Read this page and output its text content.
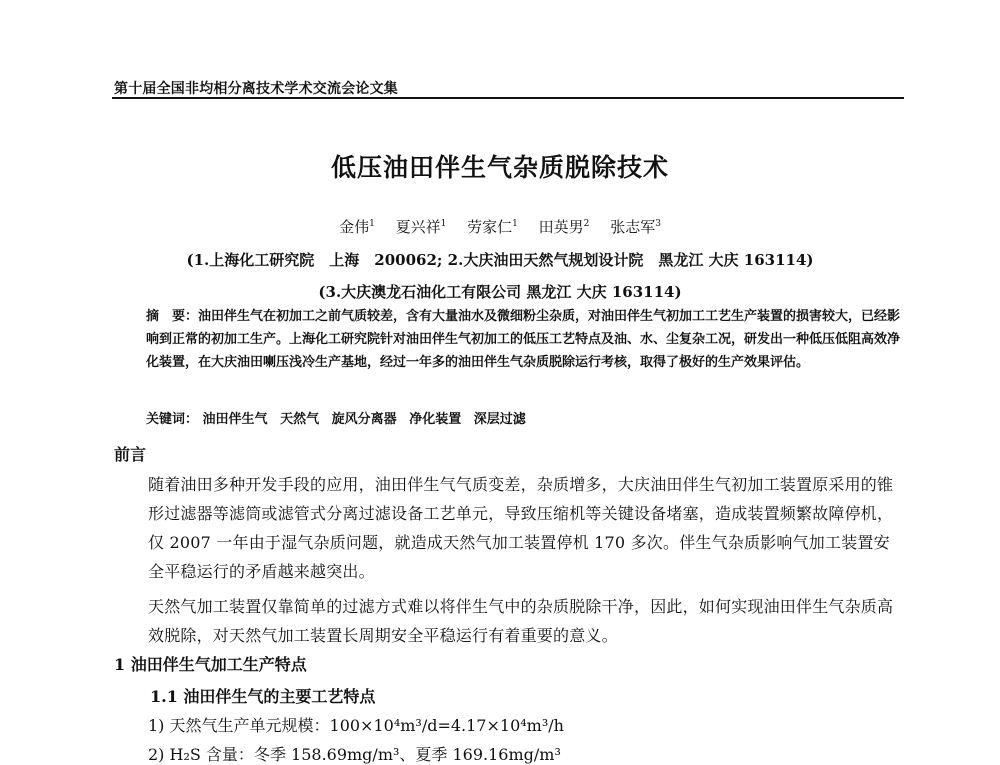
第十届全国非均相分离技术学术交流会论文集
低压油田伴生气杂质脱除技术
金伟$^1$ 夏兴祥$^1$ 劳家仁$^1$ 田英男$^2$ 张志军$^3$
(1.上海化工研究院　上海　200062; 2.大庆油田天然气规划设计院　黑龙江 大庆 163114)
(3.大庆澳龙石油化工有限公司 黑龙江 大庆 163114)
摘　要：油田伴生气在初加工之前气质较差，含有大量油水及微细粉尘杂质，对油田伴生气初加工工艺生产装置的损害较大，已经影响到正常的初加工生产。上海化工研究院针对油田伴生气初加工的低压工艺特点及油、水、尘复杂工况，研发出一种低压低阻高效净化装置，在大庆油田喇压浅冷生产基地，经过一年多的油田伴生气杂质脱除运行考核，取得了极好的生产效果评估。
关键词： 油田伴生气 天然气 旋风分离器 净化装置 深层过滤
前言
随着油田多种开发手段的应用，油田伴生气气质变差，杂质增多，大庆油田伴生气初加工装置原采用的锥形过滤器等滤筒或滤管式分离过滤设备工艺单元，导致压缩机等关键设备堵塞，造成装置频繁故障停机，仅 2007 一年由于湿气杂质问题，就造成天然气加工装置停机 170 多次。伴生气杂质影响气加工装置安全平稳运行的矛盾越来越突出。
天然气加工装置仅靠简单的过滤方式难以将伴生气中的杂质脱除干净，因此，如何实现油田伴生气杂质高效脱除，对天然气加工装置长周期安全平稳运行有着重要的意义。
1 油田伴生气加工生产特点
1.1 油田伴生气的主要工艺特点
1) 天然气生产单元规模：100×10⁴m³/d=4.17×10⁴m³/h
2) H₂S 含量：冬季 158.69mg/m³、夏季 169.16mg/m³
